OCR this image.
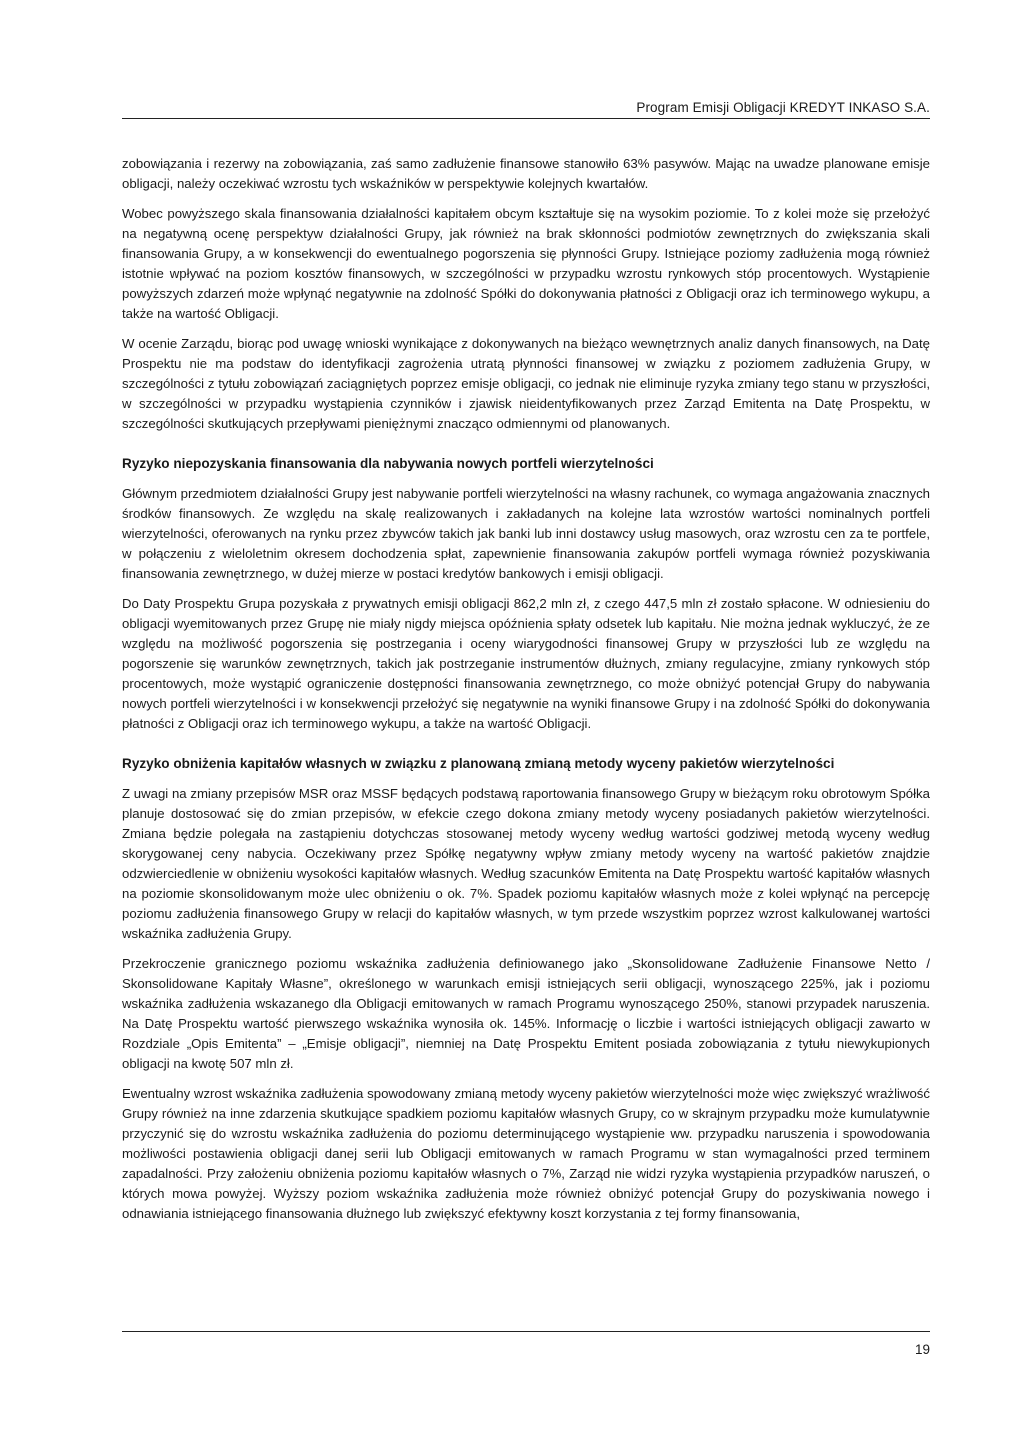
Program Emisji Obligacji KREDYT INKASO S.A.

zobowiązania i rezerwy na zobowiązania, zaś samo zadłużenie finansowe stanowiło 63% pasywów. Mając na uwadze planowane emisje obligacji, należy oczekiwać wzrostu tych wskaźników w perspektywie kolejnych kwartałów.

Wobec powyższego skala finansowania działalności kapitałem obcym kształtuje się na wysokim poziomie. To z kolei może się przełożyć na negatywną ocenę perspektyw działalności Grupy, jak również na brak skłonności podmiotów zewnętrznych do zwiększania skali finansowania Grupy, a w konsekwencji do ewentualnego pogorszenia się płynności Grupy. Istniejące poziomy zadłużenia mogą również istotnie wpływać na poziom kosztów finansowych, w szczególności w przypadku wzrostu rynkowych stóp procentowych. Wystąpienie powyższych zdarzeń może wpłynąć negatywnie na zdolność Spółki do dokonywania płatności z Obligacji oraz ich terminowego wykupu, a także na wartość Obligacji.

W ocenie Zarządu, biorąc pod uwagę wnioski wynikające z dokonywanych na bieżąco wewnętrznych analiz danych finansowych, na Datę Prospektu nie ma podstaw do identyfikacji zagrożenia utratą płynności finansowej w związku z poziomem zadłużenia Grupy, w szczególności z tytułu zobowiązań zaciągniętych poprzez emisje obligacji, co jednak nie eliminuje ryzyka zmiany tego stanu w przyszłości, w szczególności w przypadku wystąpienia czynników i zjawisk nieidentyfikowanych przez Zarząd Emitenta na Datę Prospektu, w szczególności skutkujących przepływami pieniężnymi znacząco odmiennymi od planowanych.

Ryzyko niepozyskania finansowania dla nabywania nowych portfeli wierzytelności

Głównym przedmiotem działalności Grupy jest nabywanie portfeli wierzytelności na własny rachunek, co wymaga angażowania znacznych środków finansowych. Ze względu na skalę realizowanych i zakładanych na kolejne lata wzrostów wartości nominalnych portfeli wierzytelności, oferowanych na rynku przez zbywców takich jak banki lub inni dostawcy usług masowych, oraz wzrostu cen za te portfele, w połączeniu z wieloletnim okresem dochodzenia spłat, zapewnienie finansowania zakupów portfeli wymaga również pozyskiwania finansowania zewnętrznego, w dużej mierze w postaci kredytów bankowych i emisji obligacji.

Do Daty Prospektu Grupa pozyskała z prywatnych emisji obligacji 862,2 mln zł, z czego 447,5 mln zł zostało spłacone. W odniesieniu do obligacji wyemitowanych przez Grupę nie miały nigdy miejsca opóźnienia spłaty odsetek lub kapitału. Nie można jednak wykluczyć, że ze względu na możliwość pogorszenia się postrzegania i oceny wiarygodności finansowej Grupy w przyszłości lub ze względu na pogorszenie się warunków zewnętrznych, takich jak postrzeganie instrumentów dłużnych, zmiany regulacyjne, zmiany rynkowych stóp procentowych, może wystąpić ograniczenie dostępności finansowania zewnętrznego, co może obniżyć potencjał Grupy do nabywania nowych portfeli wierzytelności i w konsekwencji przełożyć się negatywnie na wyniki finansowe Grupy i na zdolność Spółki do dokonywania płatności z Obligacji oraz ich terminowego wykupu, a także na wartość Obligacji.

Ryzyko obniżenia kapitałów własnych w związku z planowaną zmianą metody wyceny pakietów wierzytelności

Z uwagi na zmiany przepisów MSR oraz MSSF będących podstawą raportowania finansowego Grupy w bieżącym roku obrotowym Spółka planuje dostosować się do zmian przepisów, w efekcie czego dokona zmiany metody wyceny posiadanych pakietów wierzytelności. Zmiana będzie polegała na zastąpieniu dotychczas stosowanej metody wyceny według wartości godziwej metodą wyceny według skorygowanej ceny nabycia. Oczekiwany przez Spółkę negatywny wpływ zmiany metody wyceny na wartość pakietów znajdzie odzwierciedlenie w obniżeniu wysokości kapitałów własnych. Według szacunków Emitenta na Datę Prospektu wartość kapitałów własnych na poziomie skonsolidowanym może ulec obniżeniu o ok. 7%. Spadek poziomu kapitałów własnych może z kolei wpłynąć na percepcję poziomu zadłużenia finansowego Grupy w relacji do kapitałów własnych, w tym przede wszystkim poprzez wzrost kalkulowanej wartości wskaźnika zadłużenia Grupy.

Przekroczenie granicznego poziomu wskaźnika zadłużenia definiowanego jako „Skonsolidowane Zadłużenie Finansowe Netto / Skonsolidowane Kapitały Własne”, określonego w warunkach emisji istniejących serii obligacji, wynoszącego 225%, jak i poziomu wskaźnika zadłużenia wskazanego dla Obligacji emitowanych w ramach Programu wynoszącego 250%, stanowi przypadek naruszenia. Na Datę Prospektu wartość pierwszego wskaźnika wynosiła ok. 145%. Informację o liczbie i wartości istniejących obligacji zawarto w Rozdziale „Opis Emitenta” – „Emisje obligacji”, niemniej na Datę Prospektu Emitent posiada zobowiązania z tytułu niewykupionych obligacji na kwotę 507 mln zł.

Ewentualny wzrost wskaźnika zadłużenia spowodowany zmianą metody wyceny pakietów wierzytelności może więc zwiększyć wrażliwość Grupy również na inne zdarzenia skutkujące spadkiem poziomu kapitałów własnych Grupy, co w skrajnym przypadku może kumulatywnie przyczynić się do wzrostu wskaźnika zadłużenia do poziomu determinującego wystąpienie ww. przypadku naruszenia i spowodowania możliwości postawienia obligacji danej serii lub Obligacji emitowanych w ramach Programu w stan wymagalności przed terminem zapadalności. Przy założeniu obniżenia poziomu kapitałów własnych o 7%, Zarząd nie widzi ryzyka wystąpienia przypadków naruszeń, o których mowa powyżej. Wyższy poziom wskaźnika zadłużenia może również obniżyć potencjał Grupy do pozyskiwania nowego i odnawiania istniejącego finansowania dłużnego lub zwiększyć efektywny koszt korzystania z tej formy finansowania,

19
